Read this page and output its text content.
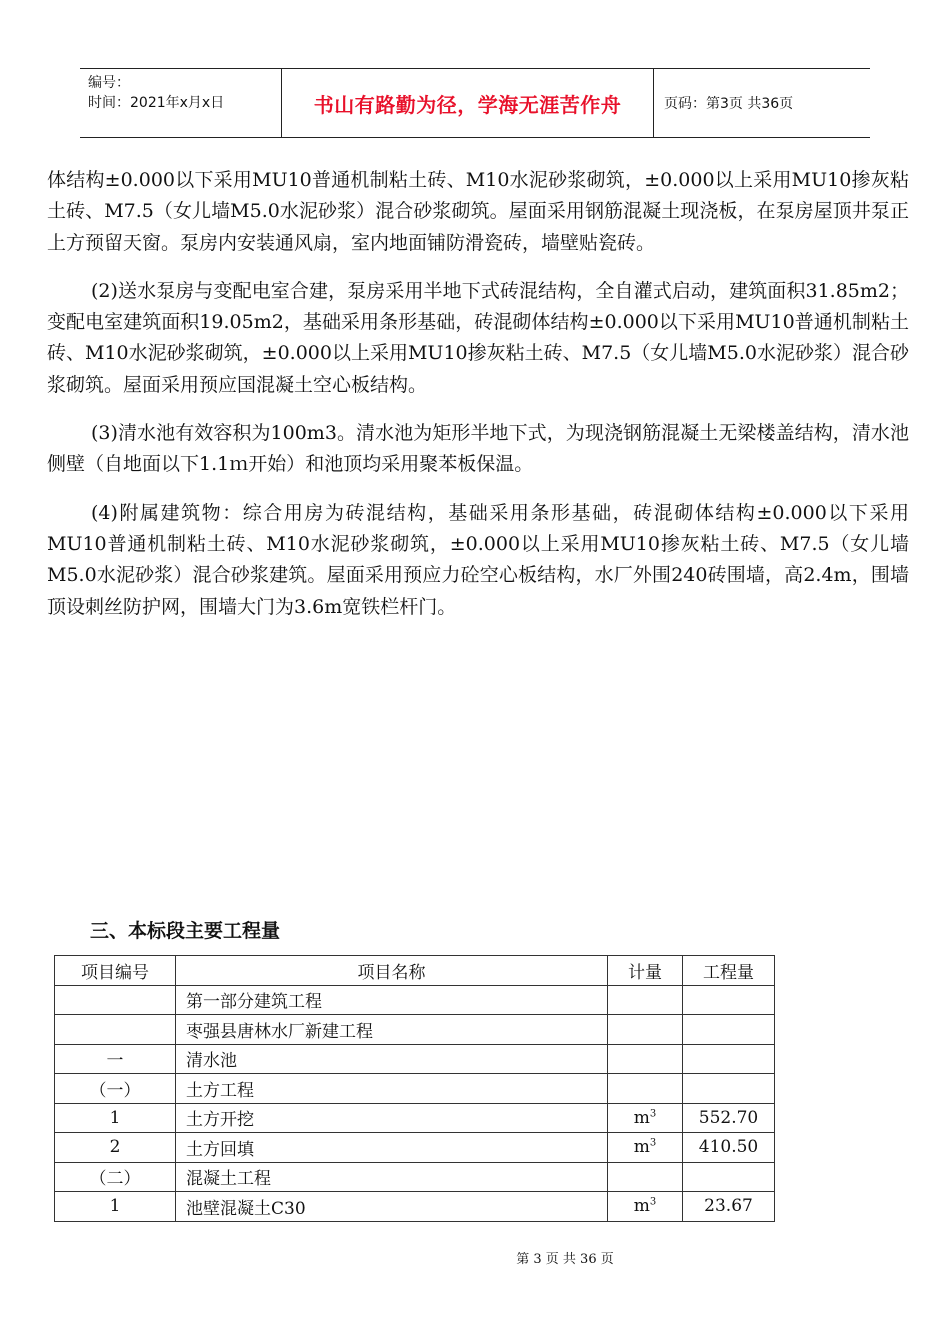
编号：
时间：2021年x月x日	书山有路勤为径，学海无涯苦作舟	页码：第3页 共36页

体结构±0.000以下采用MU10普通机制粘土砖、M10水泥砂浆砌筑，±0.000以上采用MU10掺灰粘土砖、M7.5（女儿墙M5.0水泥砂浆）混合砂浆砌筑。屋面采用钢筋混凝土现浇板，在泵房屋顶井泵正上方预留天窗。泵房内安装通风扇，室内地面铺防滑瓷砖，墙壁贴瓷砖。

(2)送水泵房与变配电室合建，泵房采用半地下式砖混结构，全自灌式启动，建筑面积31.85m2；变配电室建筑面积19.05m2，基础采用条形基础，砖混砌体结构±0.000以下采用MU10普通机制粘土砖、M10水泥砂浆砌筑，±0.000以上采用MU10掺灰粘土砖、M7.5（女儿墙M5.0水泥砂浆）混合砂浆砌筑。屋面采用预应国混凝土空心板结构。

(3)清水池有效容积为100m3。清水池为矩形半地下式，为现浇钢筋混凝土无梁楼盖结构，清水池侧壁（自地面以下1.1ｍ开始）和池顶均采用聚苯板保温。

(4)附属建筑物：综合用房为砖混结构，基础采用条形基础，砖混砌体结构±0.000以下采用MU10普通机制粘土砖、M10水泥砂浆砌筑，±0.000以上采用MU10掺灰粘土砖、M7.5（女儿墙M5.0水泥砂浆）混合砂浆建筑。屋面采用预应力砼空心板结构，水厂外围240砖围墙，高2.4m，围墙顶设刺丝防护网，围墙大门为3.6m宽铁栏杆门。

三、本标段主要工程量
项目编号	项目名称	计量	工程量
	第一部分建筑工程		
	枣强县唐林水厂新建工程		
一	清水池		
（一）	土方工程		
1	土方开挖	$m^3$	552.70
2	土方回填	$m^3$	410.50
（二）	混凝土工程		
1	池壁混凝土C30	$m^3$	23.67
第 3 页 共 36 页
